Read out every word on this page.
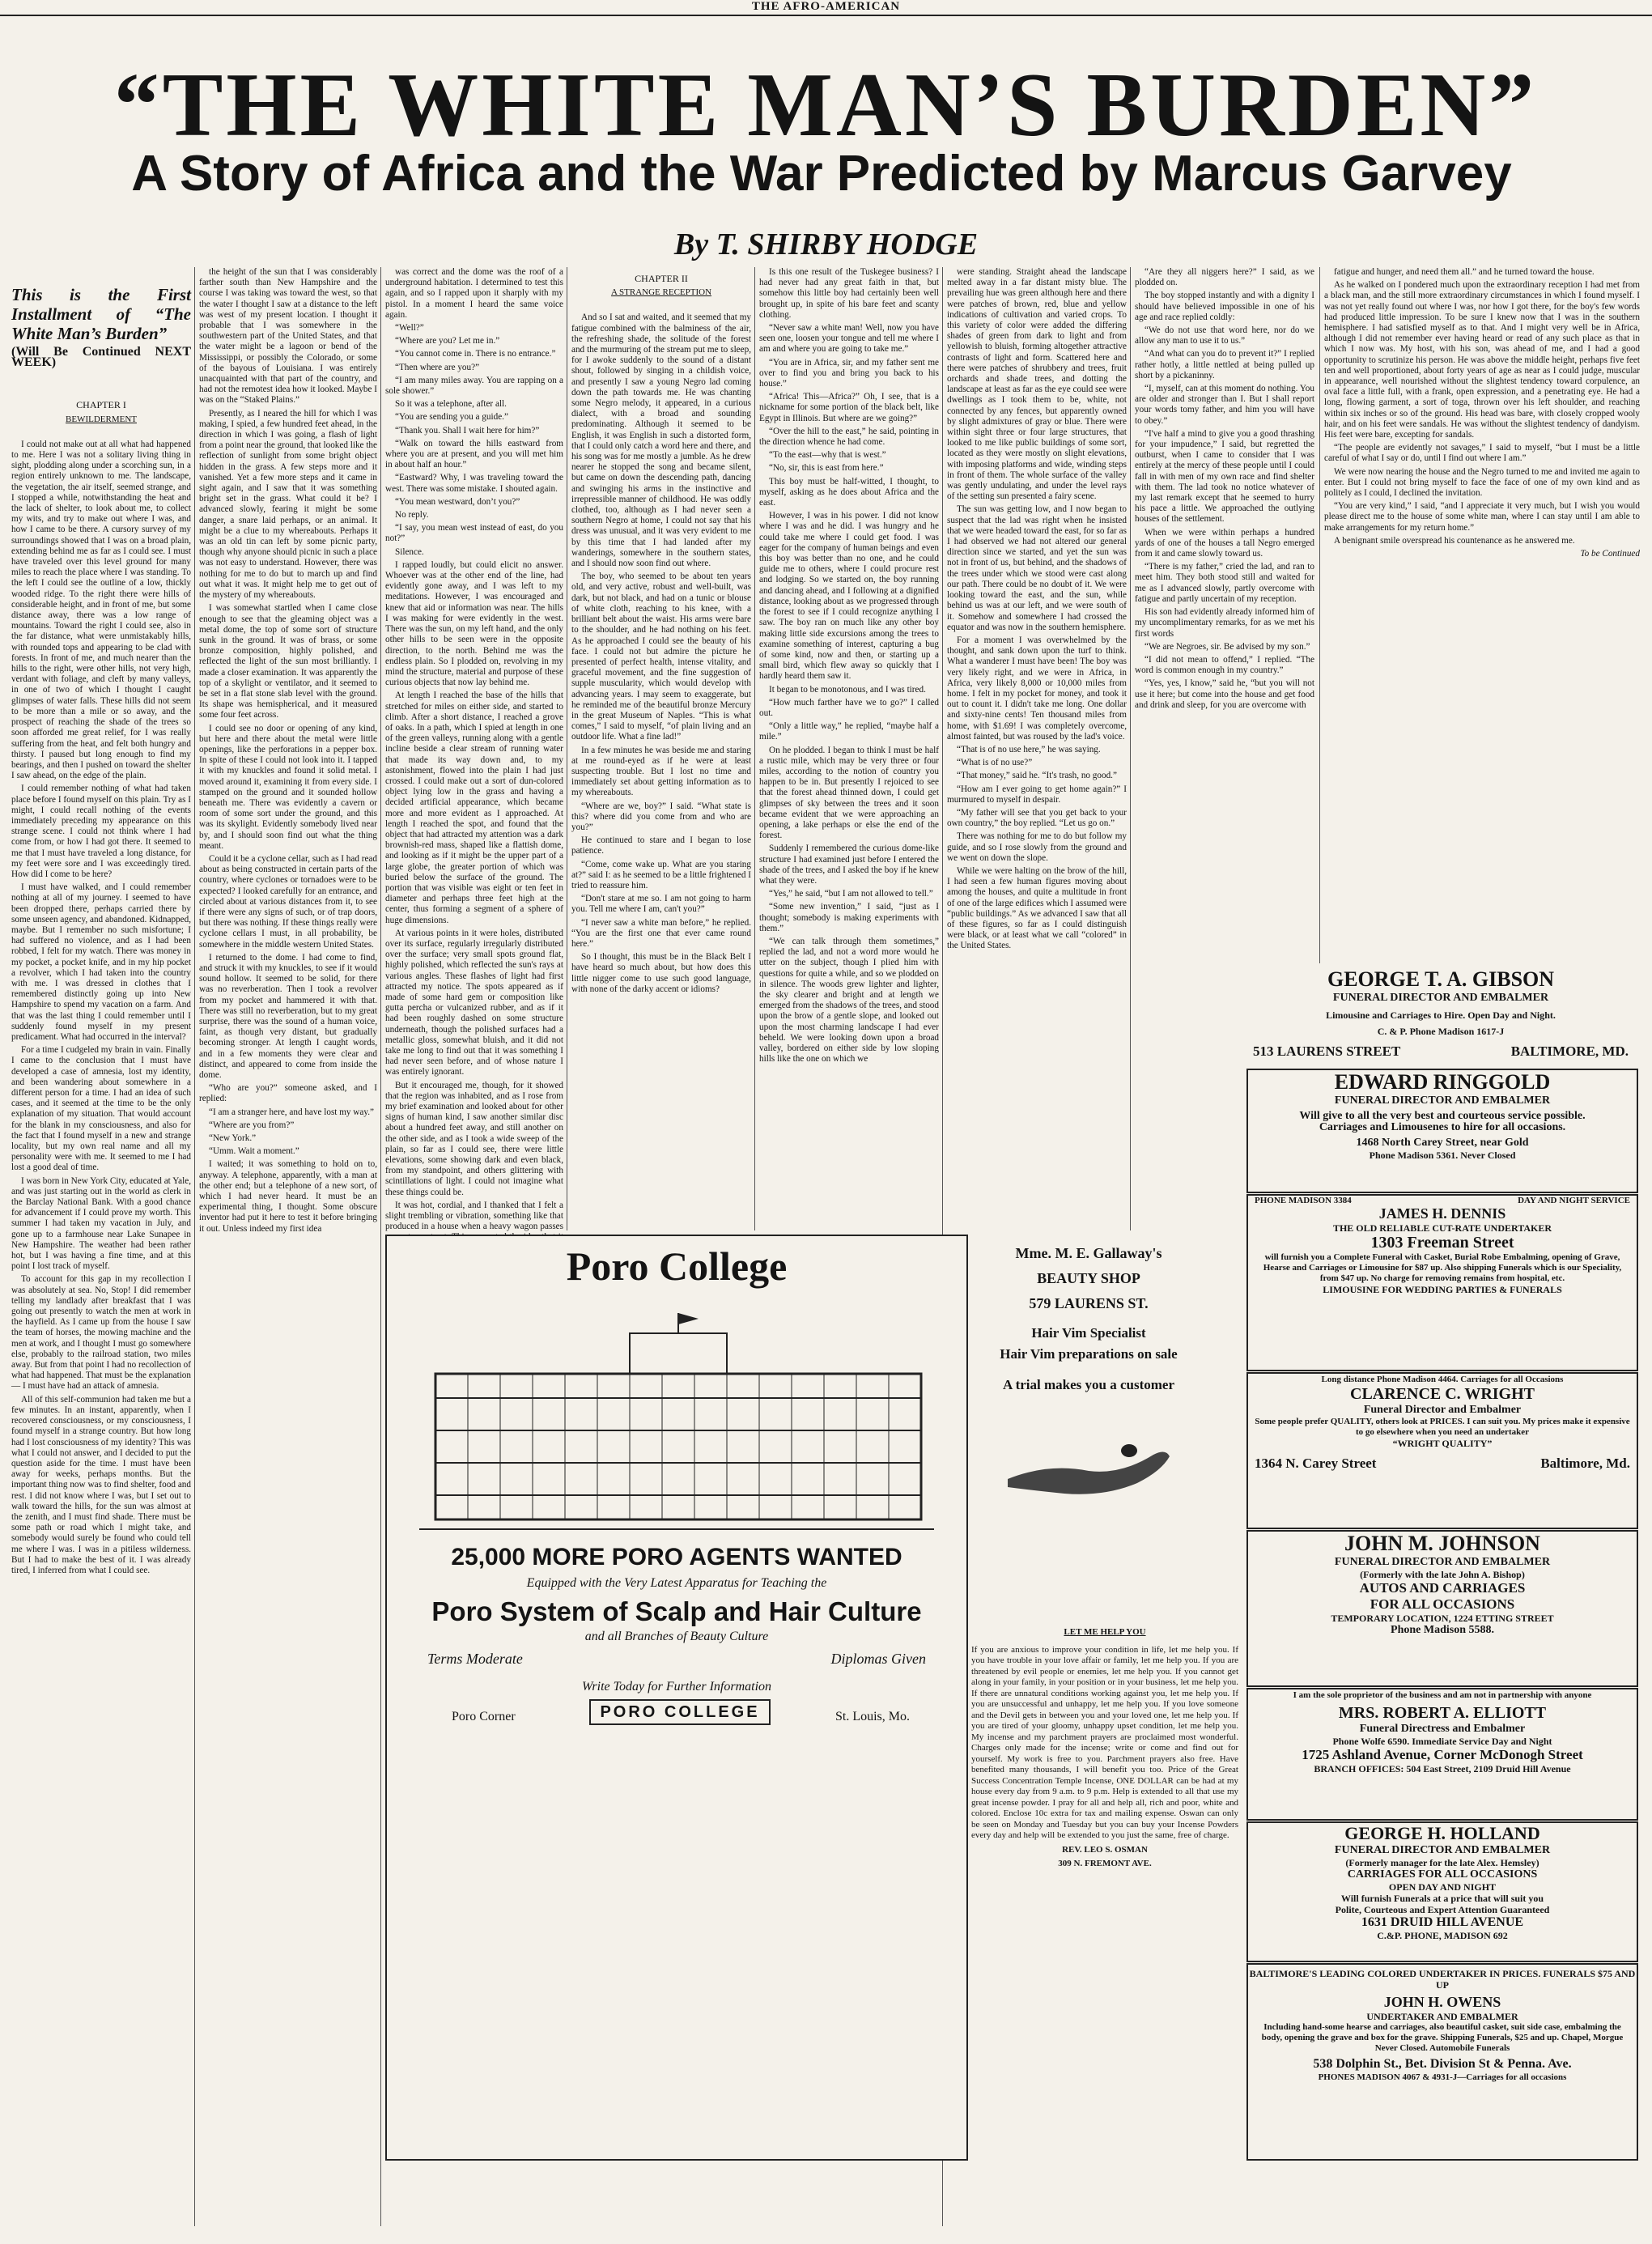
THE AFRO-AMERICAN
“THE WHITE MAN’S BURDEN”
A Story of Africa and the War Predicted by Marcus Garvey
By T. SHIRBY HODGE
This is the First Installment of “The White Man’s Burden”
(Will Be Continued NEXT WEEK)
CHAPTER I
BEWILDERMENT

I could not make out at all what had happened to me. Here I was not a solitary living thing in sight, plodding along under a scorching sun, in a region entirely unknown to me. The landscape, the vegetation, the air itself, seemed strange, and I stopped a while, notwithstanding the heat and the lack of shelter, to look about me, to collect my wits, and try to make out where I was, and how I came to be there. A cursory survey of my surroundings showed that I was on a broad plain, extending behind me as far as I could see. I must have traveled over this level ground for many miles to reach the place where I was standing. To the left I could see the outline of a low, thickly wooded ridge. To the right there were hills of considerable height, and in front of me, but some distance away, there was a low range of mountains. Toward the right I could see, also in the far distance, what were unmistakably hills, with rounded tops and appearing to be clad with forests. In front of me, and much nearer than the hills to the right, were other hills, not very high, verdant with foliage, and cleft by many valleys, in one of two of which I thought I caught glimpses of water falls. These hills did not seem to be more than a mile or so away, and the prospect of reaching the shade of the trees so soon afforded me great relief, for I was really suffering from the heat, and felt both hungry and thirsty. I paused but long enough to find my bearings, and then I pushed on toward the shelter I saw ahead, on the edge of the plain.

I could remember nothing of what had taken place before I found myself on this plain. Try as I might, I could recall nothing of the events immediately preceding my appearance on this strange scene. I could not think where I had come from, or how I had got there. It seemed to me that I must have traveled a long distance, for my feet were sore and I was exceedingly tired. How did I come to be here?

I must have walked, and I could remember nothing at all of my journey. I seemed to have been dropped there, perhaps carried there by some unseen agency, and abandoned. Kidnapped, maybe. But I remember no such misfortune; I had suffered no violence, and as I had been robbed, I felt for my watch. There was money in my pocket, a pocket knife, and in my hip pocket a revolver, which I had taken into the country with me. I was dressed in clothes that I remembered distinctly going up into New Hampshire to spend my vacation on a farm. And that was the last thing I could remember until I suddenly found myself in my present predicament. What had occurred in the interval?

For a time I cudgeled my brain in vain. Finally I came to the conclusion that I must have developed a case of amnesia, lost my identity, and been wandering about somewhere in a different person for a time. I had an idea of such cases, and it seemed at the time to be the only explanation of my situation. That would account for the blank in my consciousness, and also for the fact that I found myself in a new and strange locality, but my own real name and all my personality were with me. It seemed to me I had lost a good deal of time.

I was born in New York City, educated at Yale, and was just starting out in the world as clerk in the Barclay National Bank. With a good chance for advancement if I could prove my worth. This summer I had taken my vacation in July, and gone up to a farmhouse near Lake Sunapee in New Hampshire. The weather had been rather hot, but I was having a fine time, and at this point I lost track of myself.

To account for this gap in my recollection I was absolutely at sea. No, Stop! I did remember telling my landlady after breakfast that I was going out presently to watch the men at work in the hayfield. As I came up from the house I saw the team of horses, the mowing machine and the men at work, and I thought I must go somewhere else, probably to the railroad station, two miles away. But from that point I had no recollection of what had happened. That must be the explanation — I must have had an attack of amnesia.

All of this self-communion had taken me but a few minutes. In an instant, apparently, when I recovered consciousness, or my consciousness, I found myself in a strange country. But how long had I lost consciousness of my identity? This was what I could not answer, and I decided to put the question aside for the time. I must have been away for weeks, perhaps months. But the important thing now was to find shelter, food and rest. I did not know where I was, but I set out to walk toward the hills, for the sun was almost at the zenith, and I must find shade. There must be some path or road which I might take, and somebody would surely be found who could tell me where I was. I was in a pitiless wilderness. But I had to make the best of it. I was already tired, I inferred from what I could see.

the height of the sun that I was considerably farther south than New Hampshire and the course I was taking was toward the west, so that the water I thought I saw at a distance to the left was west of my present location. I thought it probable that I was somewhere in the southwestern part of the United States, and that the water might be a lagoon or bend of the Mississippi, or possibly the Colorado, or some of the bayous of Louisiana. I was entirely unacquainted with that part of the country, and had not the remotest idea how it looked. Maybe I was on the “Staked Plains.”

Presently, as I neared the hill for which I was making, I spied, a few hundred feet ahead, in the direction in which I was going, a flash of light from a point near the ground, that looked like the reflection of sunlight from some bright object hidden in the grass. A few steps more and it vanished. Yet a few more steps and it came in sight again, and I saw that it was something bright set in the grass. What could it be? I advanced slowly, fearing it might be some danger, a snare laid perhaps, or an animal. It might be a clue to my whereabouts. Perhaps it was an old tin can left by some picnic party, though why anyone should picnic in such a place was not easy to understand. However, there was nothing for me to do but to march up and find out what it was. It might help me to get out of the mystery of my whereabouts.

I was somewhat startled when I came close enough to see that the gleaming object was a metal dome, the top of some sort of structure sunk in the ground. It was of brass, or some bronze composition, highly polished, and reflected the light of the sun most brilliantly. I made a closer examination. It was apparently the top of a skylight or ventilator, and it seemed to be set in a flat stone slab level with the ground. Its shape was hemispherical, and it measured some four feet across.

I could see no door or opening of any kind, but here and there about the metal were little openings, like the perforations in a pepper box. In spite of these I could not look into it. I tapped it with my knuckles and found it solid metal. I moved around it, examining it from every side. I stamped on the ground and it sounded hollow beneath me. There was evidently a cavern or room of some sort under the ground, and this was its skylight. Evidently somebody lived near by, and I should soon find out what the thing meant.

Could it be a cyclone cellar, such as I had read about as being constructed in certain parts of the country, where cyclones or tornadoes were to be expected? I looked carefully for an entrance, and circled about at various distances from it, to see if there were any signs of such, or of trap doors, but there was nothing. If these things really were cyclone cellars I must, in all probability, be somewhere in the middle western United States.

I returned to the dome. I had come to find, and struck it with my knuckles, to see if it would sound hollow. It seemed to be solid, for there was no reverberation. Then I took a revolver from my pocket and hammered it with that. There was still no reverberation, but to my great surprise, there was the sound of a human voice, faint, as though very distant, but gradually becoming stronger. At length I caught words, and in a few moments they were clear and distinct, and appeared to come from inside the dome.

“Who are you?” someone asked, and I replied:

“I am a stranger here, and have lost my way.”

“Where are you from?”

“New York.”

“Umm. Wait a moment.”

I waited; it was something to hold on to, anyway. A telephone, apparently, with a man at the other end; but a telephone of a new sort, of which I had never heard. It must be an experimental thing, I thought. Some obscure inventor had put it here to test it before bringing it out. Unless indeed my first idea

was correct and the dome was the roof of a underground habitation. I determined to test this again, and so I rapped upon it sharply with my pistol. In a moment I heard the same voice again.

“Well?”

“Where are you? Let me in.”

“You cannot come in. There is no entrance.”

“Then where are you?”

“I am many miles away. You are rapping on a sole shower.”

So it was a telephone, after all.

“You are sending you a guide.”

“Thank you. Shall I wait here for him?”

“Walk on toward the hills eastward from where you are at present, and you will met him in about half an hour.”

“Eastward? Why, I was traveling toward the west. There was some mistake. I shouted again.

“You mean westward, don’t you?”

No reply.

“I say, you mean west instead of east, do you not?”

Silence.

I rapped loudly, but could elicit no answer. Whoever was at the other end of the line, had evidently gone away, and I was left to my meditations. However, I was encouraged and knew that aid or information was near. The hills I was making for were evidently in the west. There was the sun, on my left hand, and the only other hills to be seen were in the opposite direction, to the north. Behind me was the endless plain. So I plodded on, revolving in my mind the structure, material and purpose of these curious objects that now lay behind me.

At length I reached the base of the hills that stretched for miles on either side, and started to climb. After a short distance, I reached a grove of oaks. In a path, which I spied at length in one of the green valleys, running along with a gentle incline beside a clear stream of running water that made its way down and, to my astonishment, flowed into the plain I had just crossed. I could make out a sort of dun-colored object lying low in the grass and having a decided artificial appearance, which became more and more evident as I approached. At length I reached the spot, and found that the object that had attracted my attention was a dark brownish-red mass, shaped like a flattish dome, and looking as if it might be the upper part of a large globe, the greater portion of which was buried below the surface of the ground. The portion that was visible was eight or ten feet in diameter and perhaps three feet high at the center, thus forming a segment of a sphere of huge dimensions.

At various points in it were holes, distributed over its surface, regularly irregularly distributed over the surface; very small spots ground flat, highly polished, which reflected the sun's rays at various angles. These flashes of light had first attracted my notice. The spots appeared as if made of some hard gem or composition like gutta percha or vulcanized rubber, and as if it had been roughly dashed on some structure underneath, though the polished surfaces had a metallic gloss, somewhat bluish, and it did not take me long to find out that it was something I had never seen before, and of whose nature I was entirely ignorant.

But it encouraged me, though, for it showed that the region was inhabited, and as I rose from my brief examination and looked about for other signs of human kind, I saw another similar disc about a hundred feet away, and still another on the other side, and as I took a wide sweep of the plain, so far as I could see, there were little elevations, some showing dark and even black, from my standpoint, and others glittering with scintillations of light. I could not imagine what these things could be.

It was hot, cordial, and I thanked that I felt a slight trembling or vibration, something like that produced in a house when a heavy wagon passes

CHAPTER II
A STRANGE RECEPTION

And so I sat and waited, and it seemed that my fatigue combined with the balminess of the air, the refreshing shade, the solitude of the forest and the murmuring of the stream put me to sleep, for I awoke suddenly to the sound of a distant shout, followed by singing in a childish voice, and presently I saw a young Negro lad coming down the path towards me. He was chanting some Negro melody, it appeared, in a curious dialect, with a broad and sounding predominating. Although it seemed to be English, it was English in such a distorted form, that I could only catch a word here and there, and his song was for me mostly a jumble. As he drew nearer he stopped the song and became silent, but came on down the descending path, dancing and swinging his arms in the instinctive and irrepressible manner of childhood. He was oddly clothed, too, although as I had never seen a southern Negro at home, I could not say that his dress was unusual, and it was very evident to me by this time that I had landed after my wanderings, somewhere in the southern states, and I should now soon find out where.

The boy, who seemed to be about ten years old, and very active, robust and well-built, was dark, but not black, and had on a tunic or blouse of white cloth, reaching to his knee, with a brilliant belt about the waist. His arms were bare to the shoulder, and he had nothing on his feet. As he approached I could see the beauty of his face. I could not but admire the picture he presented of perfect health, intense vitality, and graceful movement, and the fine suggestion of supple muscularity, which would develop with advancing years. I may seem to exaggerate, but he reminded me of the beautiful bronze Mercury in the great Museum of Naples. “This is what comes,” I said to myself, “of plain living and an outdoor life. What a fine lad!”

In a few minutes he was beside me and staring at me round-eyed as if he were at least suspecting trouble. But I lost no time and immediately set about getting information as to my whereabouts.

“Where are we, boy?” I said. “What state is this? where did you come from and who are you?”

He continued to stare and I began to lose patience.

“Come, come wake up. What are you staring at?” said I: as he seemed to be a little frightened I tried to reassure him.

“Don't stare at me so. I am not going to harm you. Tell me where I am, can't you?”

“I never saw a white man before,” he replied. “You are the first one that ever came round here.”

So I thought, this must be in the Black Belt I have heard so much about, but how does this little nigger come to use such good language, with none of the darky accent or idioms?

Is this one result of the Tuskegee business? I had never had any great faith in that, but somehow this little boy had certainly been well brought up, in spite of his bare feet and scanty clothing.

“Never saw a white man! Well, now you have seen one, loosen your tongue and tell me where I am and where you are going to take me.”

“You are in Africa, sir, and my father sent me over to find you and bring you back to his house.”

“Africa! This—Africa?” Oh, I see, that is a nickname for some portion of the black belt, like Egypt in Illinois. But where are we going?”

“Over the hill to the east,” he said, pointing in the direction whence he had come.

“To the east—why that is west.”

“No, sir, this is east from here.”

This boy must be half-witted, I thought, to myself, asking as he does about Africa and the east.

However, I was in his power. I did not know where I was and he did. I was hungry and he could take me where I could get food. I was eager for the company of human beings and even this boy was better than no one, and he could guide me to others, where I could procure rest and lodging. So we started on, the boy running and dancing ahead, and I following at a dignified distance, looking about as we progressed through the forest to see if I could recognize anything I saw. The boy ran on much like any other boy making little side excursions among the trees to examine something of interest, capturing a bug of some kind, now and then, or starting up a small bird, which flew away so quickly that I hardly heard them saw it.

It began to be monotonous, and I was tired.

“How much farther have we to go?” I called out.

“Only a little way,” he replied, “maybe half a mile.”

On he plodded. I began to think I must be half a rustic mile, which may be very three or four miles, according to the notion of country you happen to be in. But presently I rejoiced to see that the forest ahead thinned down, I could get glimpses of sky between the trees and it soon became evident that we were approaching an opening, a lake perhaps or else the end of the forest.

Suddenly I remembered the curious dome-like structure I had examined just before I entered the shade of the trees, and I asked the boy if he knew what they were.

“Yes,” he said, “but I am not allowed to tell.”

“Some new invention,” I said, “just as I thought; somebody is making experiments with them.”

“We can talk through them sometimes,” replied the lad, and not a word more would he utter on the subject, though I plied him with questions for quite a while, and so we plodded on in silence. The woods grew lighter and lighter, the sky clearer and bright and at length we emerged from the shadows of the trees, and stood upon the brow of a gentle slope, and looked out upon the most charming landscape I had ever beheld. We were looking down upon a broad valley, bordered on either side by low sloping hills like the one on which we

were standing. Straight ahead the landscape melted away in a far distant misty blue. The prevailing hue was green although here and there were patches of brown, red, blue and yellow indications of cultivation and varied crops. To this variety of color were added the differing shades of green from dark to light and from yellowish to bluish, forming altogether attractive contrasts of light and form. Scattered here and there were patches of shrubbery and trees, fruit orchards and shade trees, and dotting the landscape at least as far as the eye could see were dwellings as I took them to be, white, not connected by any fences, but apparently owned by slight admixtures of gray or blue. There were within sight three or four large structures, that looked to me like public buildings of some sort, located as they were mostly on slight elevations, with imposing platforms and wide, winding steps in front of them. The whole surface of the valley was gently undulating, and under the level rays of the setting sun presented a fairy scene.

The sun was getting low, and I now began to suspect that the lad was right when he insisted that we were headed toward the east, for so far as I had observed we had not altered our general direction since we started, and yet the sun was not in front of us, but behind, and the shadows of the trees under which we stood were cast along our path. There could be no doubt of it. We were looking toward the east, and the sun, while behind us was at our left, and we were south of it. Somehow and somewhere I had crossed the equator and was now in the southern hemisphere.

For a moment I was overwhelmed by the thought, and sank down upon the turf to think. What a wanderer I must have been! The boy was very likely right, and we were in Africa, in Africa, very likely 8,000 or 10,000 miles from home. I felt in my pocket for money, and took it out to count it. I didn't take me long. One dollar and sixty-nine cents! Ten thousand miles from home, with $1.69! I was completely overcome, almost fainted, but was roused by the lad's voice.

“That is of no use here,” he was saying.

“What is of no use?”

“That money,” said he. “It's trash, no good.”

“How am I ever going to get home again?” I murmured to myself in despair.

“My father will see that you get back to your own country,” the boy replied. “Let us go on.”

There was nothing for me to do but follow my guide, and so I rose slowly from the ground and we went on down the slope.

While we were halting on the brow of the hill, I had seen a few human figures moving about among the houses, and quite a multitude in front of one of the large edifices which I assumed were “public buildings.” As we advanced I saw that all of these figures, so far as I could distinguish were black, or at least what we call “colored” in the United States.

“Are they all niggers here?” I said, as we plodded on.

The boy stopped instantly and with a dignity I should have believed impossible in one of his age and race replied coldly:

“We do not use that word here, nor do we allow any man to use it to us.”

“And what can you do to prevent it?” I replied rather hotly, a little nettled at being pulled up short by a pickaninny.

“I, myself, can at this moment do nothing. You are older and stronger than I. But I shall report your words tomy father, and him you will have to obey.”

“I've half a mind to give you a good thrashing for your impudence,” I said, but regretted the outburst, when I came to consider that I was entirely at the mercy of these people until I could fall in with men of my own race and find shelter with them. The lad took no notice whatever of my last remark except that he seemed to hurry his pace a little. We approached the outlying houses of the settlement.

When we were within perhaps a hundred yards of one of the houses a tall Negro emerged from it and came slowly toward us.

“There is my father,” cried the lad, and ran to meet him. They both stood still and waited for me as I advanced slowly, partly overcome with fatigue and partly uncertain of my reception.

His son had evidently already informed him of my uncomplimentary remarks, for as we met his first words

“We are Negroes, sir. Be advised by my son.”

“I did not mean to offend,” I replied. “The word is common enough in my country.”

“Yes, yes, I know,” said he, “but you will not use it here; but come into the house and get food and drink and sleep, for you are overcome with

fatigue and hunger, and need them all.” and he turned toward the house.

As he walked on I pondered much upon the extraordinary reception I had met from a black man, and the still more extraordinary circumstances in which I found myself. I was not yet really found out where I was, nor how I got there, for the boy's few words had produced little impression. To be sure I knew now that I was in the southern hemisphere. I had satisfied myself as to that. And I might very well be in Africa, although I did not remember ever having heard or read of any such place as that in which I now was. My host, with his son, was ahead of me, and I had a good opportunity to scrutinize his person. He was above the middle height, perhaps five feet ten and well proportioned, about forty years of age as near as I could judge, muscular in appearance, well nourished without the slightest tendency toward corpulence, an oval face a little full, with a frank, open expression, and a penetrating eye. He had a long, flowing garment, a sort of toga, thrown over his left shoulder, and reaching within six inches or so of the ground. His head was bare, with closely cropped wooly hair, and on his feet were sandals. He was without the slightest tendency of dandyism. His feet were bare, excepting for sandals.

“The people are evidently not savages,” I said to myself, “but I must be a little careful of what I say or do, until I find out where I am.”

We were now nearing the house and the Negro turned to me and invited me again to enter. But I could not bring myself to face the face of one of my own kind and as politely as I could, I declined the invitation.

“You are very kind,” I said, “and I appreciate it very much, but I wish you would please direct me to the house of some white man, where I can stay until I am able to make arrangements for my return home.”

A benignant smile overspread his countenance as he answered me.

To be Continued

Poro College
25,000 MORE PORO AGENTS WANTED
Equipped with the Very Latest Apparatus for Teaching the
Poro System of Scalp and Hair Culture
and all Branches of Beauty Culture
Terms Moderate	Diplomas Given
Write Today for Further Information
PORO COLLEGE
Poro Corner	St. Louis, Mo.
Mme. M. E. Gallaway's
BEAUTY SHOP
579 LAURENS ST.
Hair Vim Specialist
Hair Vim preparations on sale
A trial makes you a customer
LET ME HELP YOU
If you are anxious to improve your condition in life, let me help you. If you have trouble in your love affair or family, let me help you. If you are threatened by evil people or enemies, let me help you. If you cannot get along in your family, in your position or in your business, let me help you. If there are unnatural conditions working against you, let me help you. If you are unsuccessful and unhappy, let me help you. If you love someone and the Devil gets in between you and your loved one, let me help you. If you are tired of your gloomy, unhappy upset condition, let me help you. My incense and my parchment prayers are proclaimed most wonderful. Charges only made for the incense; write or come and find out for yourself. My work is free to you. Parchment prayers also free. Have benefited many thousands, I will benefit you too. Price of the Great Success Concentration Temple Incense, ONE DOLLAR can be had at my house every day from 9 a.m. to 9 p.m. Help is extended to all that use my great incense powder. I pray for all and help all, rich and poor, white and colored. Enclose 10c extra for tax and mailing expense. Oswan can only be seen on Monday and Tuesday but you can buy your Incense Powders every day and help will be extended to you just the same, free of charge.
REV. LEO S. OSMAN
309 N. FREMONT AVE.
GEORGE T. A. GIBSON
FUNERAL DIRECTOR AND EMBALMER
Limousine and Carriages to Hire. Open Day and Night.
C. & P. Phone Madison 1617-J
513 LAURENS STREET	BALTIMORE, MD.
EDWARD RINGGOLD
FUNERAL DIRECTOR AND EMBALMER
Will give to all the very best and courteous service possible.
Carriages and Limousenes to hire for all occasions.
1468 North Carey Street, near Gold
Phone Madison 5361. Never Closed
PHONE MADISON 3384	DAY AND NIGHT SERVICE
JAMES H. DENNIS
THE OLD RELIABLE CUT-RATE UNDERTAKER
1303 Freeman Street
will furnish you a Complete Funeral with Casket, Burial Robe Embalming, opening of Grave, Hearse and Carriages or Limousine for $87 up. Also shipping Funerals which is our Speciality, from $47 up. No charge for removing remains from hospital, etc.
LIMOUSINE FOR WEDDING PARTIES & FUNERALS
Long distance Phone Madison 4464. Carriages for all Occasions
CLARENCE C. WRIGHT
Funeral Director and Embalmer
Some people prefer QUALITY, others look at PRICES. I can suit you. My prices make it expensive to go elsewhere when you need an undertaker
“WRIGHT QUALITY”
1364 N. Carey Street	Baltimore, Md.
JOHN M. JOHNSON
FUNERAL DIRECTOR AND EMBALMER
(Formerly with the late John A. Bishop)
AUTOS AND CARRIAGES
FOR ALL OCCASIONS
TEMPORARY LOCATION, 1224 ETTING STREET
Phone Madison 5588.
I am the sole proprietor of the business and am not in partnership with anyone
MRS. ROBERT A. ELLIOTT
Funeral Directress and Embalmer
Phone Wolfe 6590. Immediate Service Day and Night
1725 Ashland Avenue, Corner McDonogh Street
BRANCH OFFICES: 504 East Street, 2109 Druid Hill Avenue
GEORGE H. HOLLAND
FUNERAL DIRECTOR AND EMBALMER
(Formerly manager for the late Alex. Hemsley)
CARRIAGES FOR ALL OCCASIONS
OPEN DAY AND NIGHT
Will furnish Funerals at a price that will suit you
Polite, Courteous and Expert Attention Guaranteed
1631 DRUID HILL AVENUE
C.&P. PHONE, MADISON 692
BALTIMORE'S LEADING COLORED UNDERTAKER IN PRICES. FUNERALS $75 AND UP
JOHN H. OWENS
UNDERTAKER AND EMBALMER
Including hand-some hearse and carriages, also beautiful casket, suit side case, embalming the body, opening the grave and box for the grave. Shipping Funerals, $25 and up. Chapel, Morgue Never Closed. Automobile Funerals
538 Dolphin St., Bet. Division St & Penna. Ave.
PHONES MADISON 4067 & 4931-J—Carriages for all occasions
